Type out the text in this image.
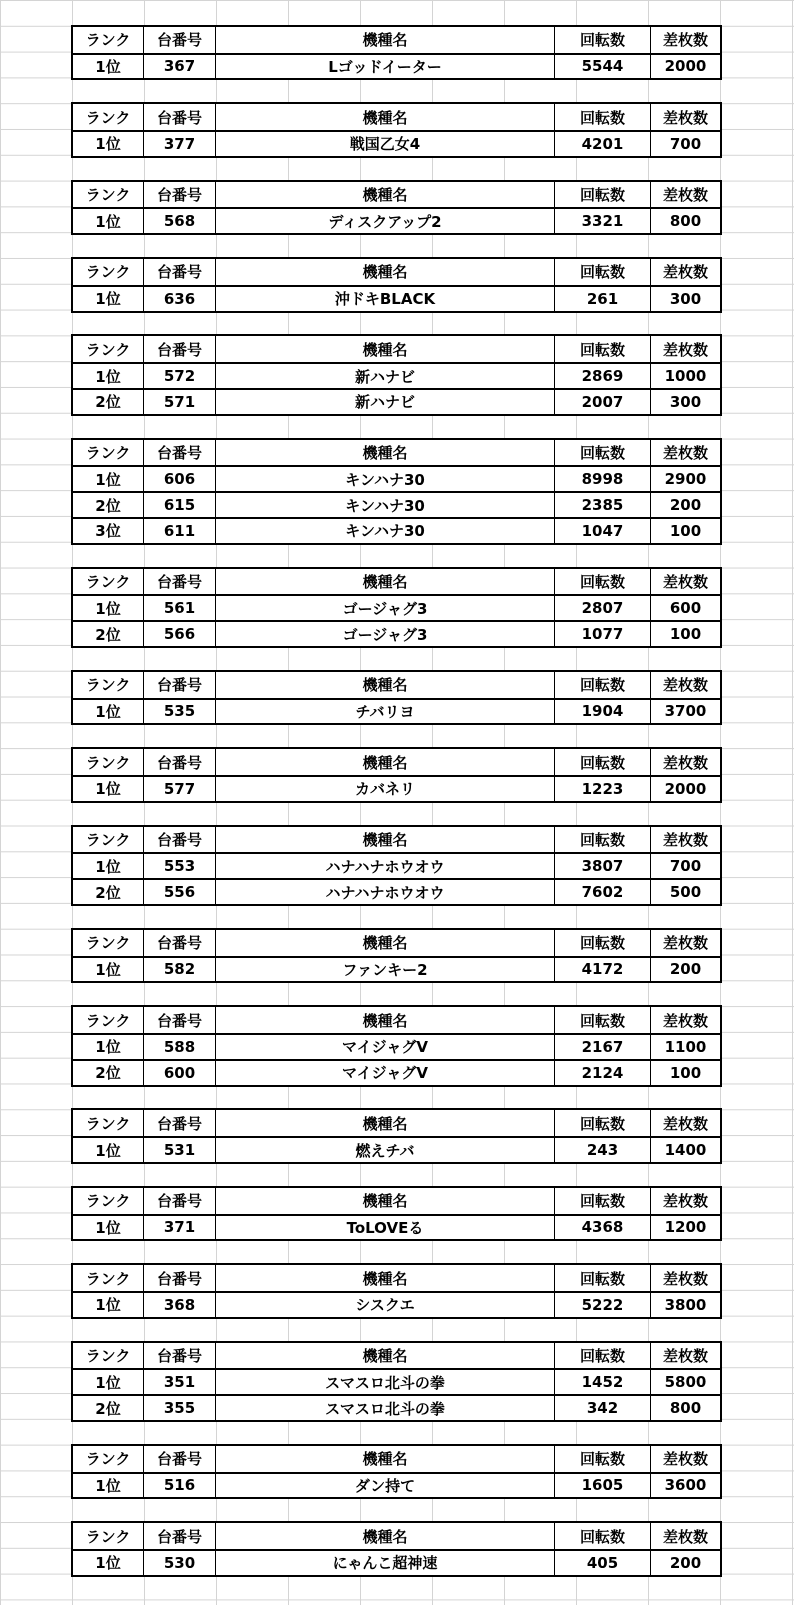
ランク	台番号	機種名	回転数	差枚数
1位	367	Lゴッドイーター	5544	2000
ランク	台番号	機種名	回転数	差枚数
1位	377	戦国乙女4	4201	700
ランク	台番号	機種名	回転数	差枚数
1位	568	ディスクアップ2	3321	800
ランク	台番号	機種名	回転数	差枚数
1位	636	沖ドキBLACK	261	300
ランク	台番号	機種名	回転数	差枚数
1位	572	新ハナビ	2869	1000
2位	571	新ハナビ	2007	300
ランク	台番号	機種名	回転数	差枚数
1位	606	キンハナ30	8998	2900
2位	615	キンハナ30	2385	200
3位	611	キンハナ30	1047	100
ランク	台番号	機種名	回転数	差枚数
1位	561	ゴージャグ3	2807	600
2位	566	ゴージャグ3	1077	100
ランク	台番号	機種名	回転数	差枚数
1位	535	チバリヨ	1904	3700
ランク	台番号	機種名	回転数	差枚数
1位	577	カバネリ	1223	2000
ランク	台番号	機種名	回転数	差枚数
1位	553	ハナハナホウオウ	3807	700
2位	556	ハナハナホウオウ	7602	500
ランク	台番号	機種名	回転数	差枚数
1位	582	ファンキー2	4172	200
ランク	台番号	機種名	回転数	差枚数
1位	588	マイジャグV	2167	1100
2位	600	マイジャグV	2124	100
ランク	台番号	機種名	回転数	差枚数
1位	531	燃えチバ	243	1400
ランク	台番号	機種名	回転数	差枚数
1位	371	ToLOVEる	4368	1200
ランク	台番号	機種名	回転数	差枚数
1位	368	シスクエ	5222	3800
ランク	台番号	機種名	回転数	差枚数
1位	351	スマスロ北斗の拳	1452	5800
2位	355	スマスロ北斗の拳	342	800
ランク	台番号	機種名	回転数	差枚数
1位	516	ダン持て	1605	3600
ランク	台番号	機種名	回転数	差枚数
1位	530	にゃんこ超神速	405	200
